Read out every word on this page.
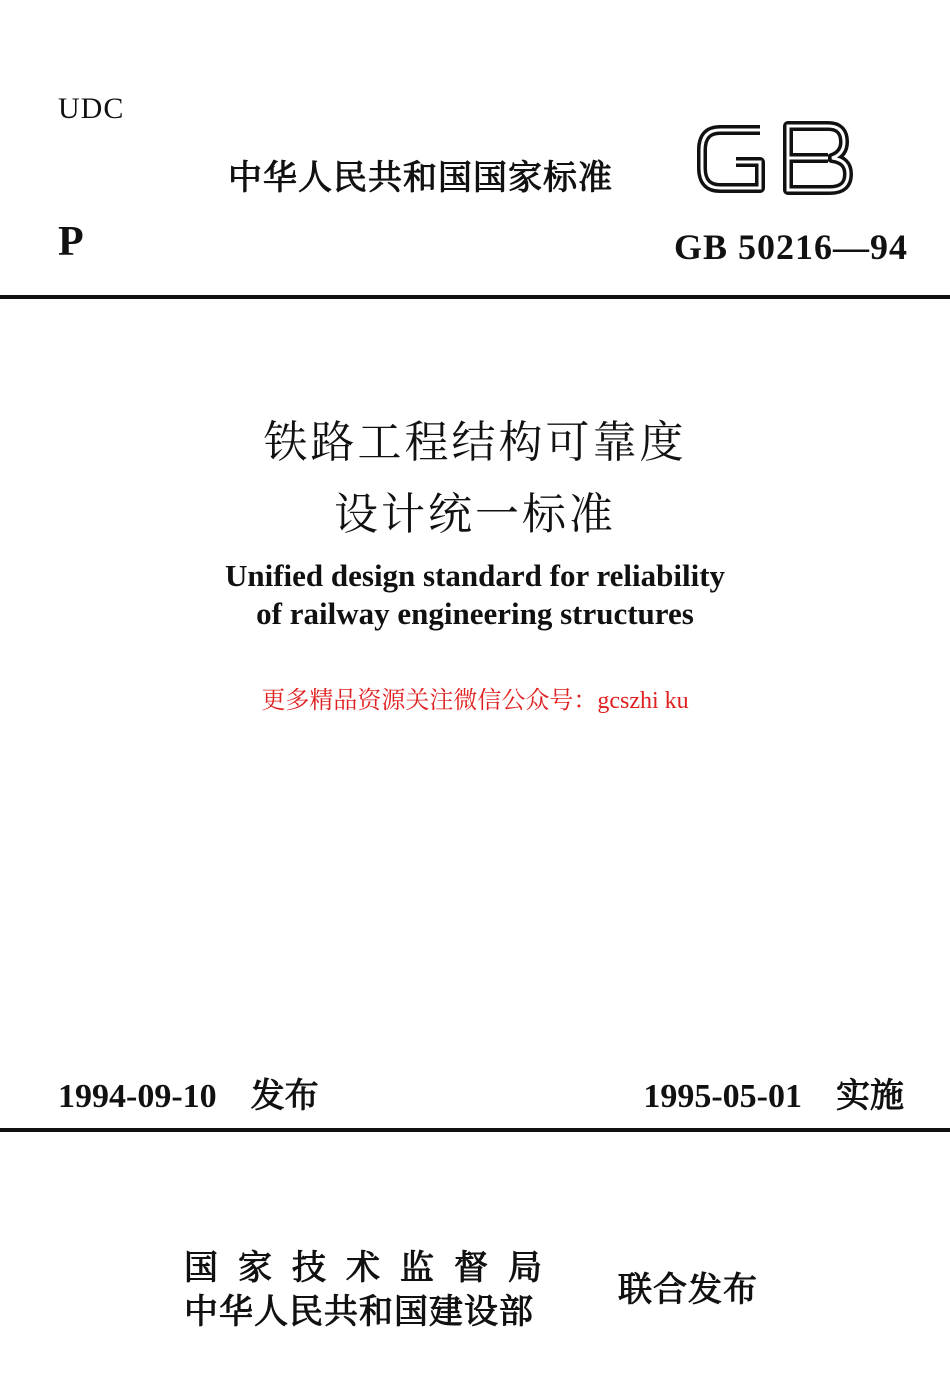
UDC
中华人民共和国国家标准
P	GB 50216—94
铁路工程结构可靠度
设计统一标准
Unified design standard for reliability
of railway engineering structures
更多精品资源关注微信公众号：gcszhi ku
1994-09-10 发布	1995-05-01 实施
国家技术监督局
中华人民共和国建设部
联合发布
